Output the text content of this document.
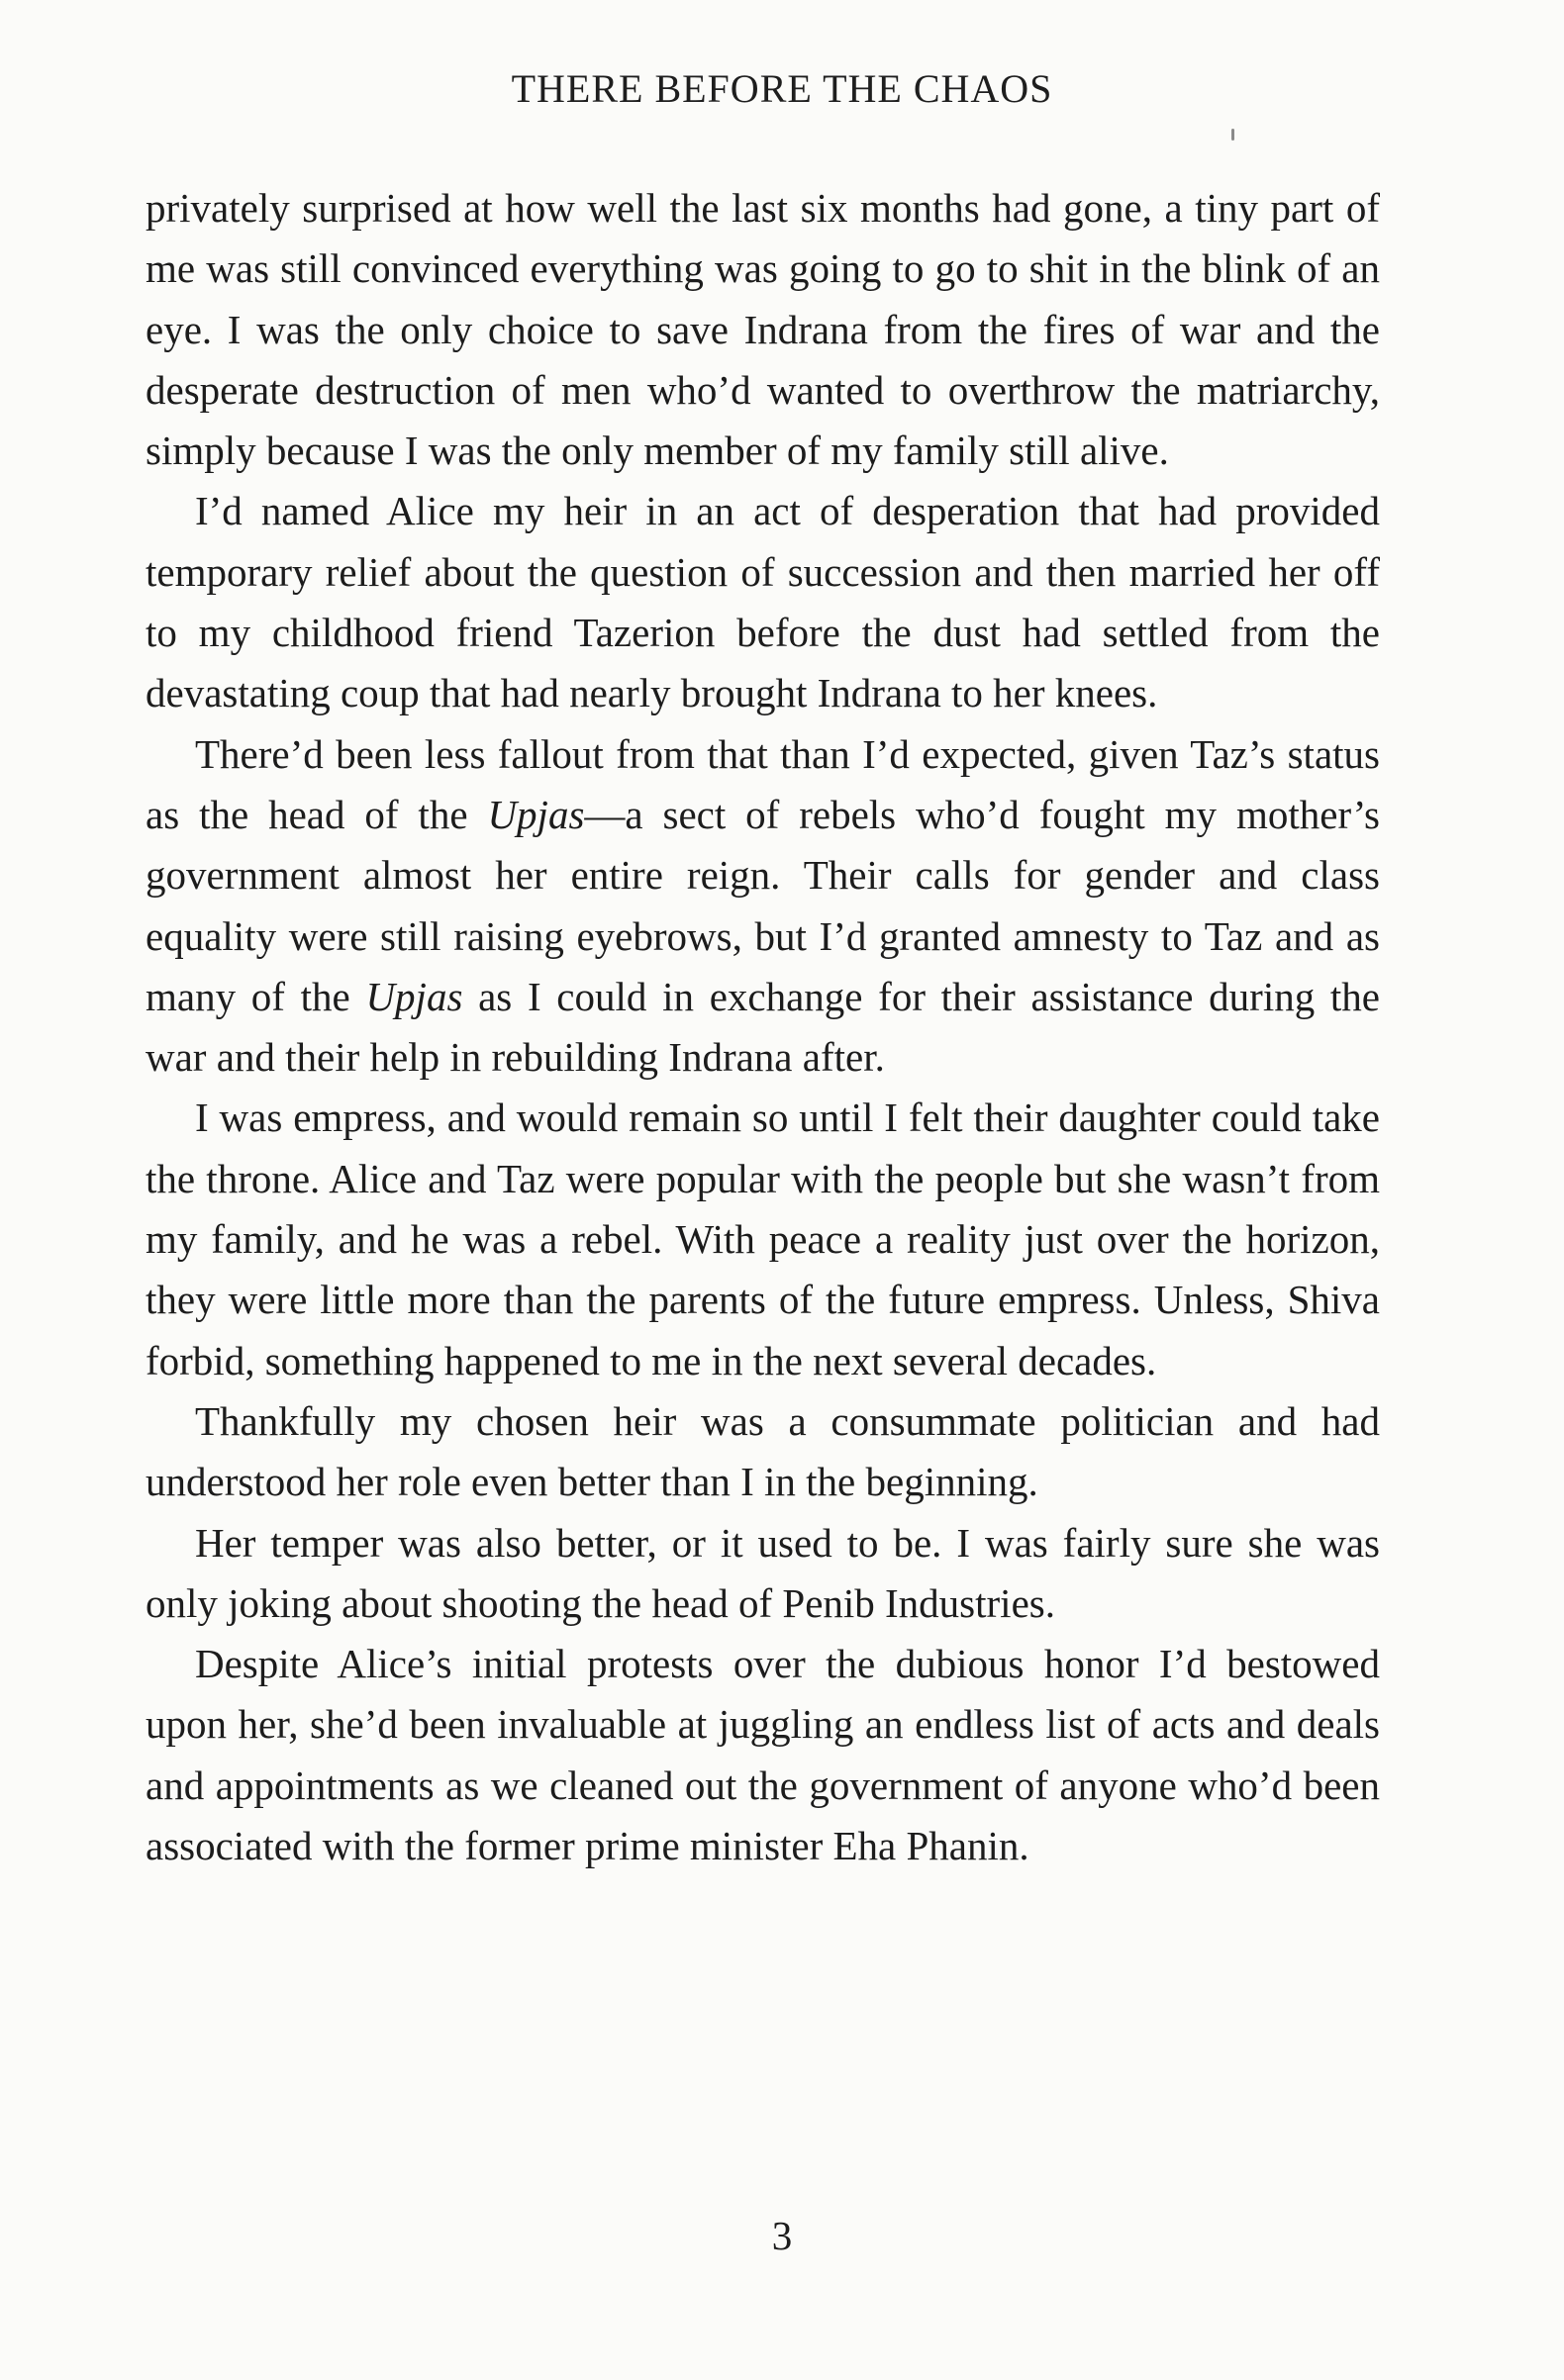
THERE BEFORE THE CHAOS

privately surprised at how well the last six months had gone, a tiny part of me was still convinced everything was going to go to shit in the blink of an eye. I was the only choice to save Indrana from the fires of war and the desperate destruction of men who’d wanted to overthrow the matriarchy, simply because I was the only member of my family still alive.

I’d named Alice my heir in an act of desperation that had provided temporary relief about the question of succession and then married her off to my childhood friend Tazerion before the dust had settled from the devastating coup that had nearly brought Indrana to her knees.

There’d been less fallout from that than I’d expected, given Taz’s status as the head of the Upjas—a sect of rebels who’d fought my mother’s government almost her entire reign. Their calls for gender and class equality were still raising eyebrows, but I’d granted amnesty to Taz and as many of the Upjas as I could in exchange for their assistance during the war and their help in rebuilding Indrana after.

I was empress, and would remain so until I felt their daughter could take the throne. Alice and Taz were popular with the people but she wasn’t from my family, and he was a rebel. With peace a reality just over the horizon, they were little more than the parents of the future empress. Unless, Shiva forbid, something happened to me in the next several decades.

Thankfully my chosen heir was a consummate politician and had understood her role even better than I in the beginning.

Her temper was also better, or it used to be. I was fairly sure she was only joking about shooting the head of Penib Industries.

Despite Alice’s initial protests over the dubious honor I’d bestowed upon her, she’d been invaluable at juggling an endless list of acts and deals and appointments as we cleaned out the government of anyone who’d been associated with the former prime minister Eha Phanin.

3
